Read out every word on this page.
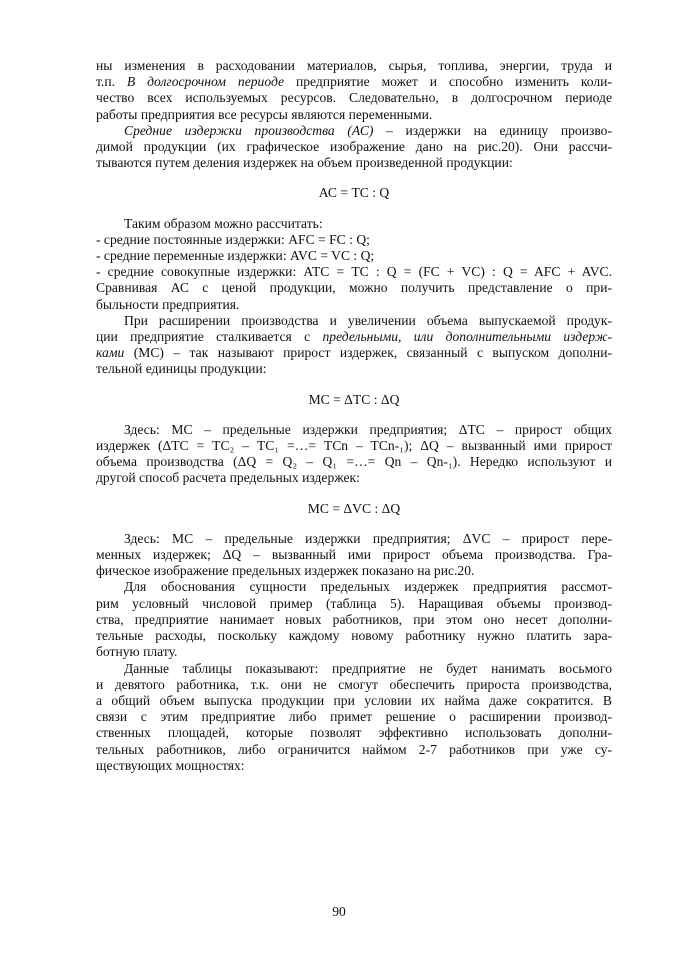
ны изменения в расходовании материалов, сырья, топлива, энергии, труда и
т.п. В долгосрочном периоде предприятие может и способно изменить коли-
чество всех используемых ресурсов. Следовательно, в долгосрочном периоде
работы предприятия все ресурсы являются переменными.
Средние издержки производства (АС) – издержки на единицу произво-
димой продукции (их графическое изображение дано на рис.20). Они рассчи-
тываются путем деления издержек на объем произведенной продукции:
АС = ТС : Q
Таким образом можно рассчитать:
- средние постоянные издержки: AFC = FC : Q;
- средние переменные издержки: AVC = VC : Q;
- средние совокупные издержки: АТС = ТС : Q = (FC + VC) : Q = AFC + AVC.
Сравнивая АС с ценой продукции, можно получить представление о при-
быльности предприятия.
При расширении производства и увеличении объема выпускаемой продук-
ции предприятие сталкивается с предельными, или дополнительными издерж-
ками (МС) – так называют прирост издержек, связанный с выпуском дополни-
тельной единицы продукции:
МС = ΔТС : ΔQ
Здесь: МС – предельные издержки предприятия; ΔТС – прирост общих
издержек (ΔТС = ТС₂ – ТС₁ =…= TCn – TCn-₁); ΔQ – вызванный ими прирост
объема производства (ΔQ = Q₂ – Q₁ =…= Qn – Qn-₁). Нередко используют и
другой способ расчета предельных издержек:
МС = ΔVC : ΔQ
Здесь: МС – предельные издержки предприятия; ΔVC – прирост пере-
менных издержек; ΔQ – вызванный ими прирост объема производства. Гра-
фическое изображение предельных издержек показано на рис.20.
Для обоснования сущности предельных издержек предприятия рассмот-
рим условный числовой пример (таблица 5). Наращивая объемы производ-
ства, предприятие нанимает новых работников, при этом оно несет дополни-
тельные расходы, поскольку каждому новому работнику нужно платить зара-
ботную плату.
Данные таблицы показывают: предприятие не будет нанимать восьмого
и девятого работника, т.к. они не смогут обеспечить прироста производства,
а общий объем выпуска продукции при условии их найма даже сократится. В
связи с этим предприятие либо примет решение о расширении производ-
ственных площадей, которые позволят эффективно использовать дополни-
тельных работников, либо ограничится наймом 2-7 работников при уже су-
ществующих мощностях:
90
